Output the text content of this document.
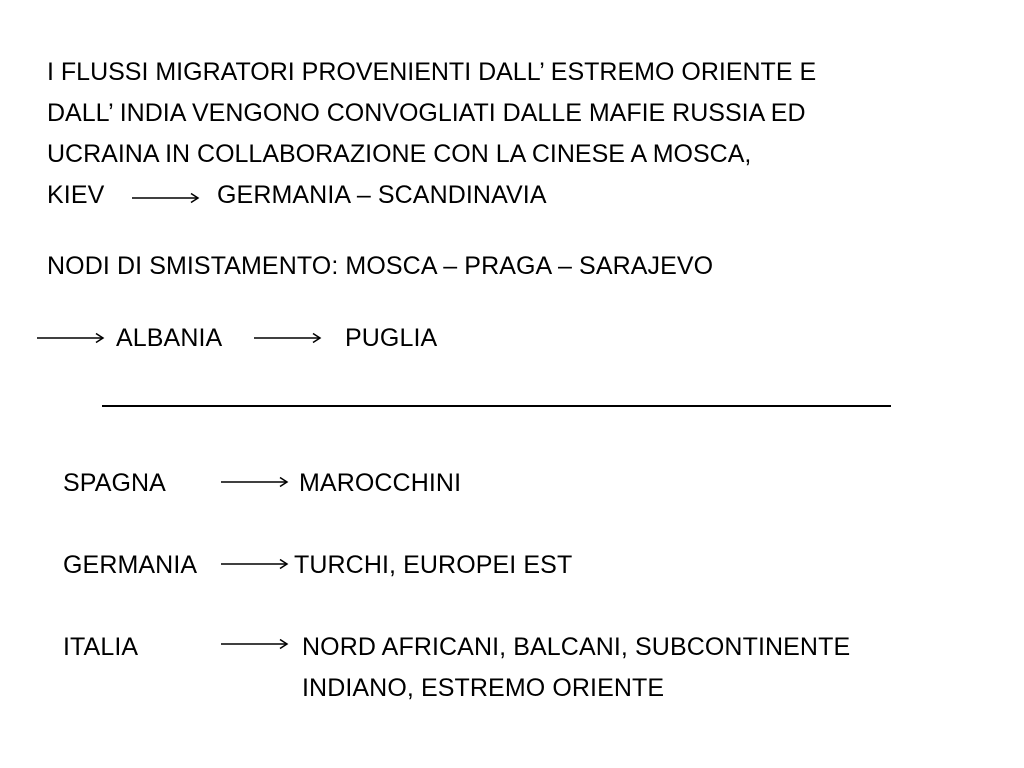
I FLUSSI MIGRATORI PROVENIENTI DALL’ ESTREMO ORIENTE E
DALL’ INDIA VENGONO CONVOGLIATI DALLE MAFIE RUSSIA ED
UCRAINA IN COLLABORAZIONE CON LA CINESE A MOSCA,
KIEV	GERMANIA – SCANDINAVIA
NODI DI SMISTAMENTO: MOSCA – PRAGA – SARAJEVO
ALBANIA	PUGLIA
SPAGNA	MAROCCHINI
GERMANIA	TURCHI, EUROPEI EST
ITALIA	NORD AFRICANI, BALCANI, SUBCONTINENTE
INDIANO, ESTREMO ORIENTE
